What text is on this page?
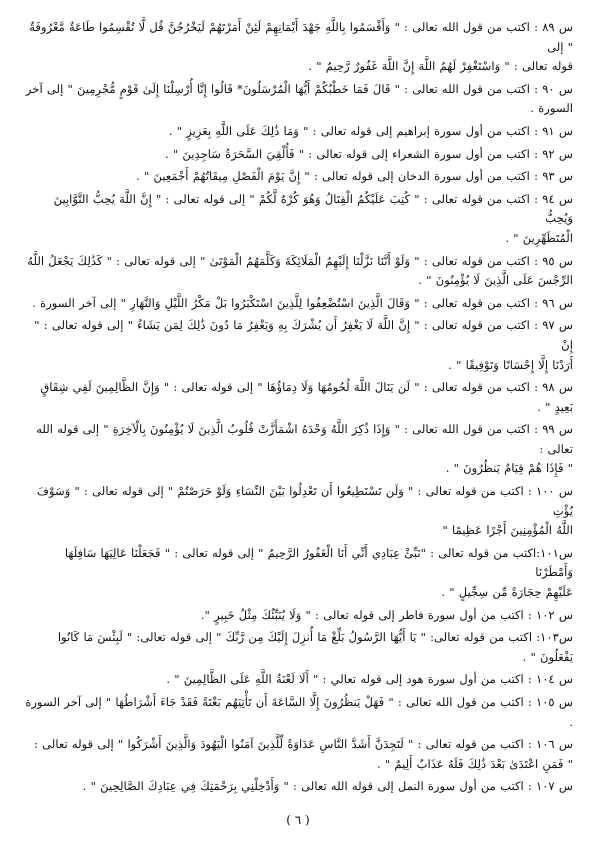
س ٨٩ : اكتب من قول الله تعالى : " وَأَقْسَمُوا بِاللَّهِ جَهْدَ أَيْمَانِهِمْ لَئِنْ أَمَرْتَهُمْ لَيَخْرُجُنَّ قُل لَّا تُقْسِمُوا طَاعَةٌ مَّعْرُوفَةٌ " إلى
قوله تعالى : " وَاسْتَغْفِرْ لَهُمُ اللَّهَ إِنَّ اللَّهَ غَفُورٌ رَّحِيمٌ " .
س ٩٠ : اكتب من قول الله تعالى : " قَالَ فَمَا خَطْبُكُمْ أَيُّهَا الْمُرْسَلُونَ* قَالُوا إِنَّا أُرْسِلْنَا إِلَىٰ قَوْمٍ مُّجْرِمِينَ " إلى آخر
السورة .
س ٩١ : اكتب من أول سورة إبراهيم إلى قوله تعالى : " وَمَا ذَٰلِكَ عَلَى اللَّهِ بِعَزِيزٍ " .
س ٩٢ : اكتب من أول سورة الشعراء إلى قوله تعالى : " فَأُلْقِيَ السَّحَرَةُ سَاجِدِينَ " .
س ٩٣ : اكتب من أول سورة الدخان إلى قوله تعالى : " إِنَّ يَوْمَ الْفَصْلِ مِيقَاتُهُمْ أَجْمَعِينَ " .
س ٩٤ : اكتب من قوله تعالى : " كُتِبَ عَلَيْكُمُ الْقِتَالُ وَهُوَ كُرْهٌ لَّكُمْ " إلى قوله تعالى : " إِنَّ اللَّهَ يُحِبُّ التَّوَّابِينَ وَيُحِبُّ
الْمُتَطَهِّرِينَ " .
س ٩٥ : اكتب من قوله تعالى : " وَلَوْ أَنَّنَا نَزَّلْنَا إِلَيْهِمُ الْمَلَائِكَةَ وَكَلَّمَهُمُ الْمَوْتَىٰ " إلى قوله تعالى : " كَذَٰلِكَ يَجْعَلُ اللَّهُ
الرِّجْسَ عَلَى الَّذِينَ لَا يُؤْمِنُونَ " .
س ٩٦ : اكتب من قوله تعالى : " وَقَالَ الَّذِينَ اسْتُضْعِفُوا لِلَّذِينَ اسْتَكْبَرُوا بَلْ مَكْرُ اللَّيْلِ وَالنَّهَارِ " إلى آخر السورة .
س ٩٧ : اكتب من قوله تعالى : " إِنَّ اللَّهَ لَا يَغْفِرُ أَن يُشْرَكَ بِهِ وَيَغْفِرُ مَا دُونَ ذَٰلِكَ لِمَن يَشَاءُ " إلى قوله تعالى : " إِنْ
أَرَدْنَا إِلَّا إِحْسَانًا وَتَوْفِيقًا " .
س ٩٨ : اكتب من قوله تعالى : " لَن يَنَالَ اللَّهَ لُحُومُهَا وَلَا دِمَاؤُهَا " إلى قوله تعالى : " وَإِنَّ الظَّالِمِينَ لَفِي شِقَاقٍ بَعِيدٍ " .
س ٩٩ : اكتب من قول الله تعالى : " وَإِذَا ذُكِرَ اللَّهُ وَحْدَهُ اشْمَأَزَّتْ قُلُوبُ الَّذِينَ لَا يُؤْمِنُونَ بِالْآخِرَةِ " إلى قوله الله تعالى :
" فَإِذَا هُمْ قِيَامٌ يَنظُرُونَ " .
س ١٠٠ : اكتب من قوله تعالى : " وَلَن تَسْتَطِيعُوا أَن تَعْدِلُوا بَيْنَ النِّسَاءِ وَلَوْ حَرَصْتُمْ " إلى قوله تعالى : " وَسَوْفَ يُؤْتِ
اللَّهُ الْمُؤْمِنِينَ أَجْرًا عَظِيمًا "
س١٠١:اكتب من قوله تعالى : "نَبِّئْ عِبَادِي أَنِّي أَنَا الْغَفُورُ الرَّحِيمُ " إلى قوله تعالى : " فَجَعَلْنَا عَالِيَهَا سَافِلَهَا وَأَمْطَرْنَا
عَلَيْهِمْ حِجَارَةً مِّن سِجِّيلٍ " .
س ١٠٢ : اكتب من أول سورة فاطر إلى قوله تعالى : " وَلَا يُنَبِّئُكَ مِثْلُ خَبِيرٍ ".
س١٠٣: اكتب من قوله تعالى: " يَا أَيُّهَا الرَّسُولُ بَلِّغْ مَا أُنزِلَ إِلَيْكَ مِن رَّبِّكَ " إلى قوله تعالى: " لَبِئْسَ مَا كَانُوا يَفْعَلُونَ " .
س ١٠٤ : اكتب من أول سورة هود إلى قوله تعالي : " أَلَا لَعْنَةُ اللَّهِ عَلَى الظَّالِمِينَ " .
س ١٠٥ : اكتب من قول الله تعالى : " فَهَلْ يَنظُرُونَ إِلَّا السَّاعَةَ أَن تَأْتِيَهُم بَغْتَةً فَقَدْ جَاءَ أَشْرَاطُهَا " إلى آخر السورة .
س ١٠٦ : اكتب من قوله تعالى : " لَتَجِدَنَّ أَشَدَّ النَّاسِ عَدَاوَةً لِّلَّذِينَ آمَنُوا الْيَهُودَ وَالَّذِينَ أَشْرَكُوا " إلى قوله تعالى :
" فَمَنِ اعْتَدَىٰ بَعْدَ ذَٰلِكَ فَلَهُ عَذَابٌ أَلِيمٌ " .
س ١٠٧ : اكتب من أول سورة النمل إلى قوله الله تعالى : " وَأَدْخِلْنِي بِرَحْمَتِكَ فِي عِبَادِكَ الصَّالِحِينَ " .
( ٦ )
